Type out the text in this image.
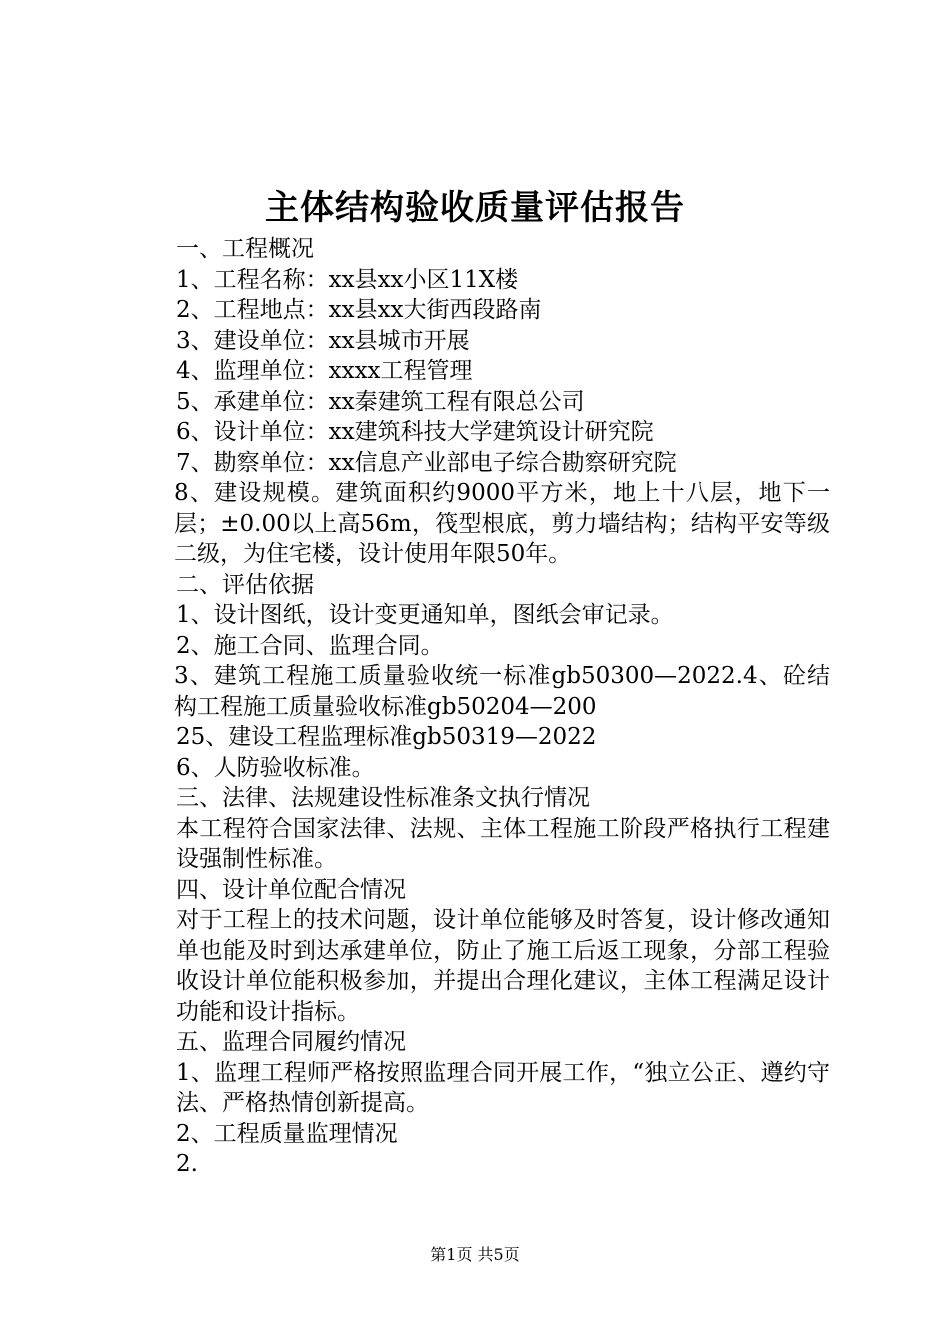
主体结构验收质量评估报告

一、工程概况

1、工程名称：xx县xx小区11X楼

2、工程地点：xx县xx大街西段路南

3、建设单位：xx县城市开展

4、监理单位：xxxx工程管理

5、承建单位：xx秦建筑工程有限总公司

6、设计单位：xx建筑科技大学建筑设计研究院

7、勘察单位：xx信息产业部电子综合勘察研究院

8、建设规模。建筑面积约9000平方米，地上十八层，地下一层；±0.00以上高56m，筏型根底，剪力墙结构；结构平安等级二级，为住宅楼，设计使用年限50年。

二、评估依据

1、设计图纸，设计变更通知单，图纸会审记录。

2、施工合同、监理合同。

3、建筑工程施工质量验收统一标准gb50300—2022.4、砼结构工程施工质量验收标准gb50204—200

25、建设工程监理标准gb50319—2022

6、人防验收标准。

三、法律、法规建设性标准条文执行情况

本工程符合国家法律、法规、主体工程施工阶段严格执行工程建设强制性标准。

四、设计单位配合情况

对于工程上的技术问题，设计单位能够及时答复，设计修改通知单也能及时到达承建单位，防止了施工后返工现象，分部工程验收设计单位能积极参加，并提出合理化建议，主体工程满足设计功能和设计指标。

五、监理合同履约情况

1、监理工程师严格按照监理合同开展工作，“独立公正、遵约守法、严格热情创新提高。

2、工程质量监理情况

2.

第1页 共5页
